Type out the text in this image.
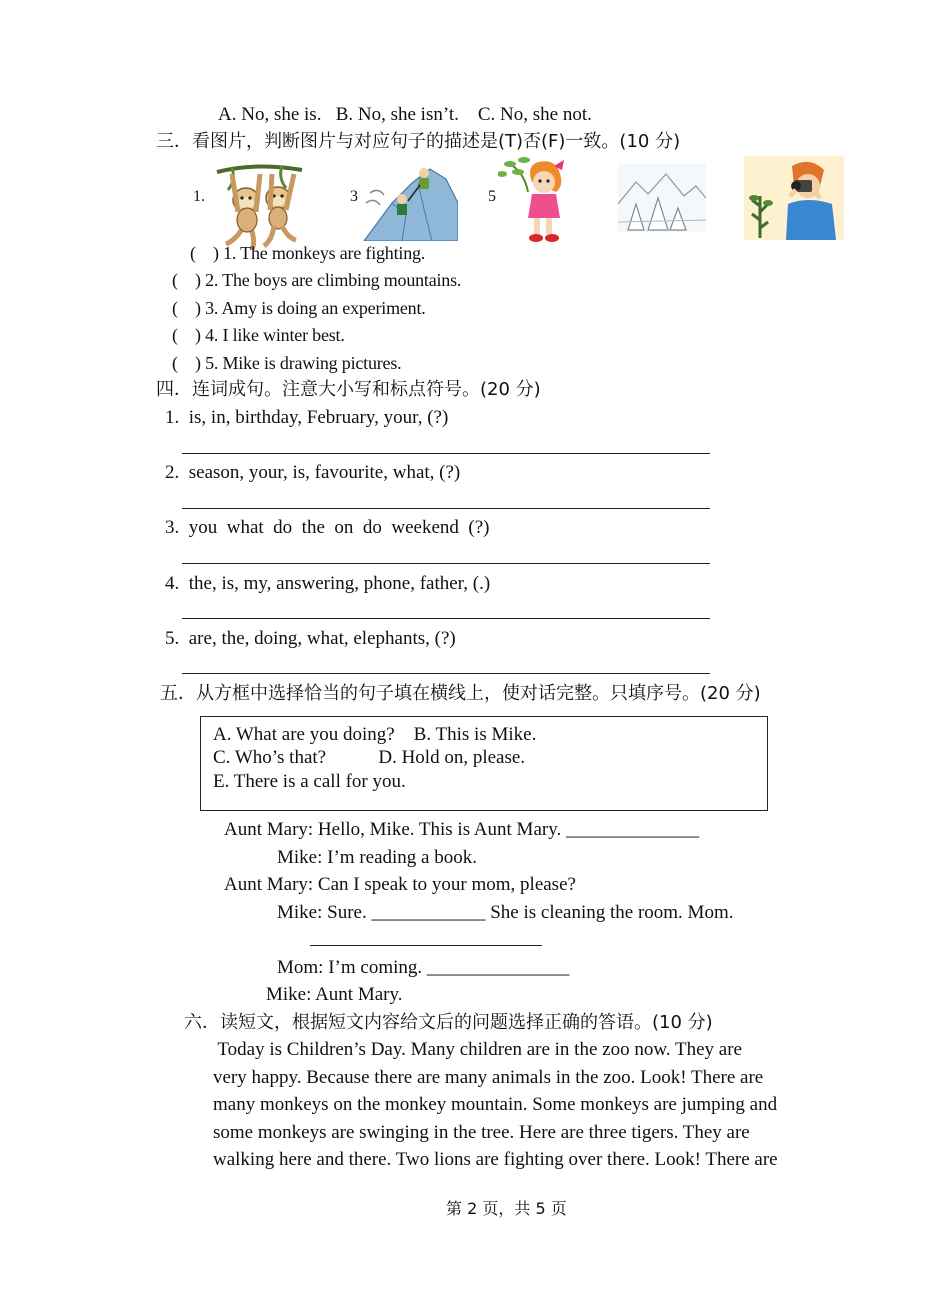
A. No, she is.   B. No, she isn’t.    C. No, she not.
三．看图片，判断图片与对应句子的描述是(T)否(F)一致。(10 分)
1.	3	5
(    ) 1. The monkeys are fighting.
(    ) 2. The boys are climbing mountains.
(    ) 3. Amy is doing an experiment.
(    ) 4. I like winter best.
(    ) 5. Mike is drawing pictures.
四．连词成句。注意大小写和标点符号。(20 分)
1.  is, in, birthday, February, your, (?)
2.  season, your, is, favourite, what, (?)
3.  you  what  do  the  on  do  weekend  (?)
4.  the, is, my, answering, phone, father, (.)
5.  are, the, doing, what, elephants, (?)
五．从方框中选择恰当的句子填在横线上，使对话完整。只填序号。(20 分)
A. What are you doing?    B. This is Mike.
C. Who’s that?           D. Hold on, please.
E. There is a call for you.
Aunt Mary: Hello, Mike. This is Aunt Mary. ______________
Mike: I’m reading a book.
Aunt Mary: Can I speak to your mom, please?
Mike: Sure. ____________ She is cleaning the room. Mom.
Mom: I’m coming. _______________
Mike: Aunt Mary.
六．读短文，根据短文内容给文后的问题选择正确的答语。(10 分)
Today is Children’s Day. Many children are in the zoo now. They are
very happy. Because there are many animals in the zoo. Look! There are
many monkeys on the monkey mountain. Some monkeys are jumping and
some monkeys are swinging in the tree. Here are three tigers. They are
walking here and there. Two lions are fighting over there. Look! There are
第 2 页，共 5 页
